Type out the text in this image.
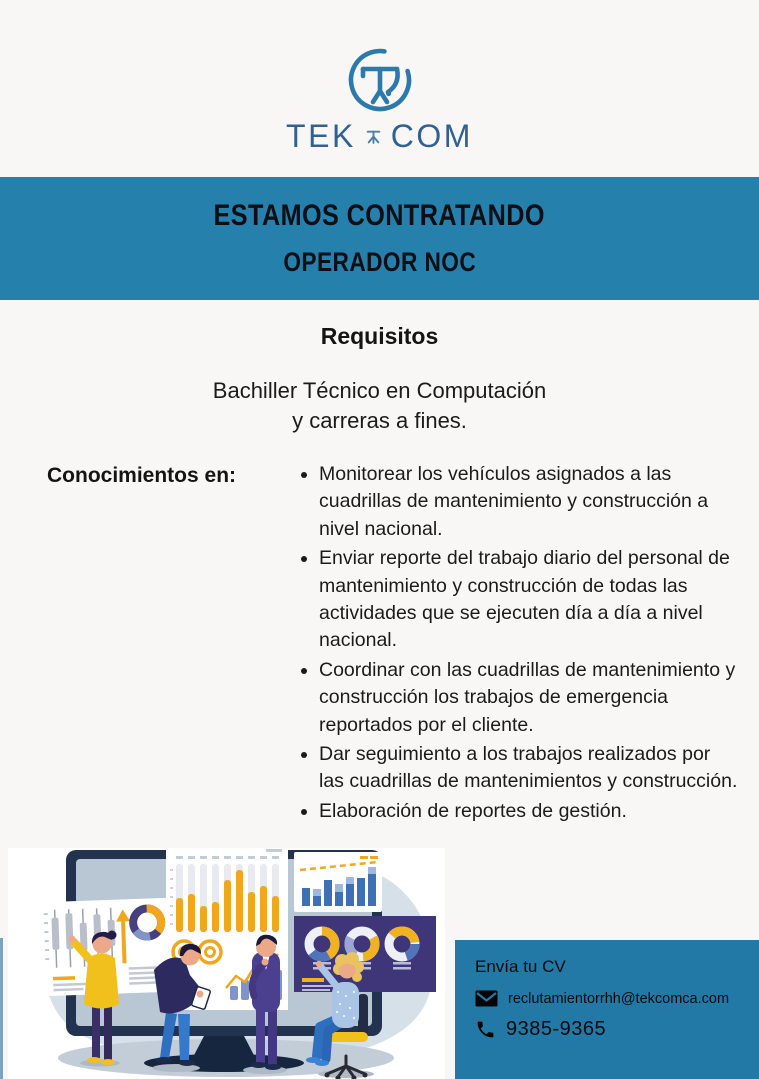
TEK COM
ESTAMOS CONTRATANDO
OPERADOR NOC
Requisitos
Bachiller Técnico en Computación
y carreras a fines.
Conocimientos en:	• Monitorear los vehículos asignados a las cuadrillas de mantenimiento y construcción a nivel nacional.
• Enviar reporte del trabajo diario del personal de mantenimiento y construcción de todas las actividades que se ejecuten día a día a nivel nacional.
• Coordinar con las cuadrillas de mantenimiento y construcción los trabajos de emergencia reportados por el cliente.
• Dar seguimiento a los trabajos realizados por las cuadrillas de mantenimientos y construcción.
• Elaboración de reportes de gestión.
Envía tu CV
reclutamientorrhh@tekcomca.com
9385-9365
